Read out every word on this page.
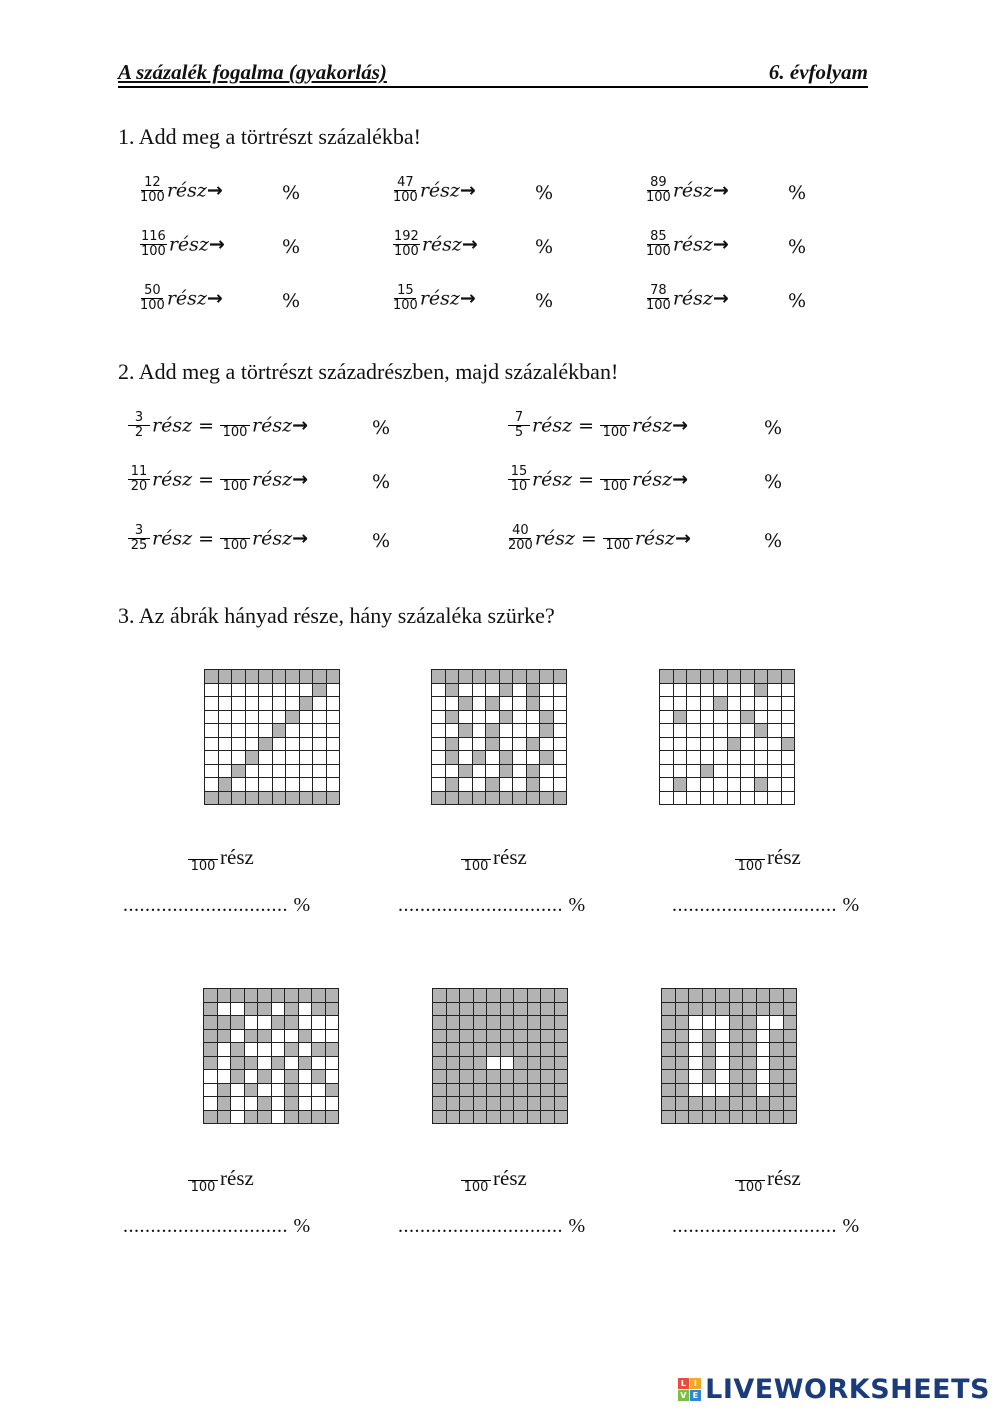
A százalék fogalma (gyakorlás)	6. évfolyam
1. Add meg a törtrészt százalékba!
$\frac{12}{100}$ rész→	%	$\frac{47}{100}$ rész→	%	$\frac{89}{100}$ rész→	%
$\frac{116}{100}$ rész→	%	$\frac{192}{100}$ rész→	%	$\frac{85}{100}$ rész→	%
$\frac{50}{100}$ rész→	%	$\frac{15}{100}$ rész→	%	$\frac{78}{100}$ rész→	%
2. Add meg a törtrészt századrészben, majd százalékban!
$\frac{3}{2}$ rész = 100 rész→	%	$\frac{7}{5}$ rész = 100 rész→	%
$\frac{11}{20}$ rész = 100 rész→	%	$\frac{15}{10}$ rész = 100 rész→	%
$\frac{3}{25}$ rész = 100 rész→	%	$\frac{40}{200}$ rész = 100 rész→	%
3. Az ábrák hányad része, hány százaléka szürke?
100 rész
.............................. %
100 rész
.............................. %
100 rész
.............................. %
100 rész
.............................. %
100 rész
.............................. %
100 rész
.............................. %
L I
V E LIVEWORKSHEETS
